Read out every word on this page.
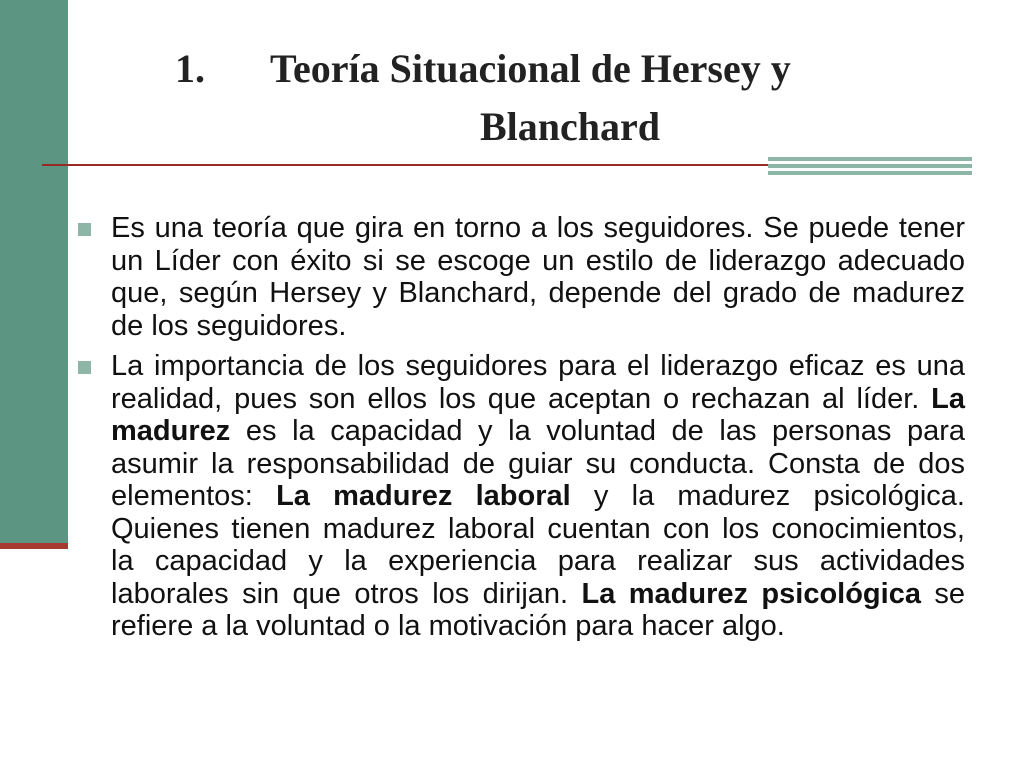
1. Teoría Situacional de Hersey y
Blanchard
Es una teoría que gira en torno a los seguidores. Se puede tener un Líder con éxito si se escoge un estilo de liderazgo adecuado que, según Hersey y Blanchard, depende del grado de madurez de los seguidores.
La importancia de los seguidores para el liderazgo eficaz es una realidad, pues son ellos los que aceptan o rechazan al líder. La madurez es la capacidad y la voluntad de las personas para asumir la responsabilidad de guiar su conducta. Consta de dos elementos: La madurez laboral y la madurez psicológica. Quienes tienen madurez laboral cuentan con los conocimientos, la capacidad y la experiencia para realizar sus actividades laborales sin que otros los dirijan. La madurez psicológica se refiere a la voluntad o la motivación para hacer algo.
